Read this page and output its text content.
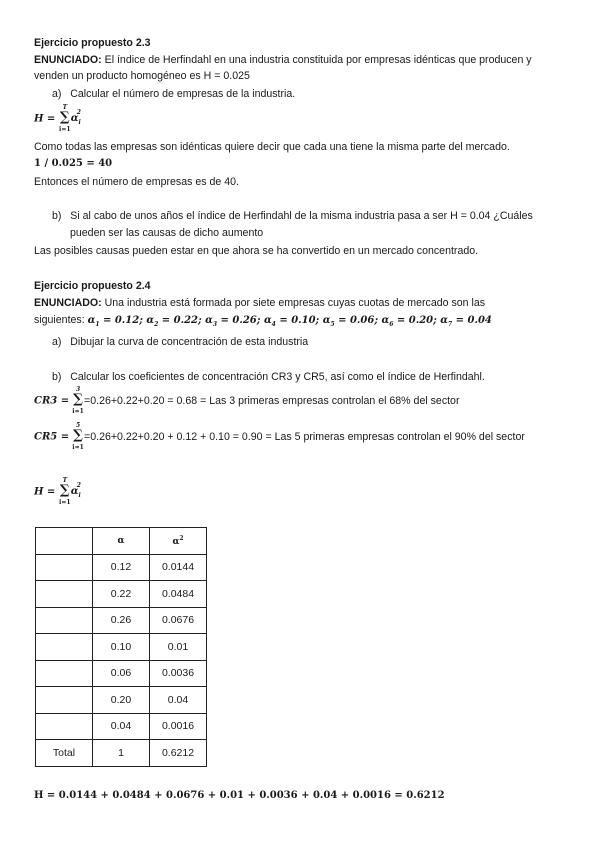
Ejercicio propuesto 2.3
ENUNCIADO: El índice de Herfindahl en una industria constituida por empresas idénticas que producen y
venden un producto homogéneo es H = 0.025
a) Calcular el número de empresas de la industria.
H =
T
∑
i=1
$\alpha_i^2$
Como todas las empresas son idénticas quiere decir que cada una tiene la misma parte del mercado.
1 / 0.025 = 40
Entonces el número de empresas es de 40.
b) Si al cabo de unos años el índice de Herfindahl de la misma industria pasa a ser H = 0.04 ¿Cuáles
pueden ser las causas de dicho aumento
Las posibles causas pueden estar en que ahora se ha convertido en un mercado concentrado.
Ejercicio propuesto 2.4
ENUNCIADO: Una industria está formada por siete empresas cuyas cuotas de mercado son las
siguientes: $\alpha_1 = 0.12$; $\alpha_2 = 0.22$; $\alpha_3 = 0.26$; $\alpha_4 = 0.10$; $\alpha_5 = 0.06$; $\alpha_6 = 0.20$; $\alpha_7 = 0.04$
a) Dibujar la curva de concentración de esta industria
b) Calcular los coeficientes de concentración CR3 y CR5, así como el índice de Herfindahl.
CR3 =
3
∑
i=1
=0.26+0.22+0.20 = 0.68 = Las 3 primeras empresas controlan el 68% del sector
CR5 =
5
∑
i=1
=0.26+0.22+0.20 + 0.12 + 0.10 = 0.90 = Las 5 primeras empresas controlan el 90% del sector
H =
T
∑
i=1
$\alpha_i^2$
	α	$\alpha^2$
	0.12	0.0144
	0.22	0.0484
	0.26	0.0676
	0.10	0.01
	0.06	0.0036
	0.20	0.04
	0.04	0.0016
Total	1	0.6212
H = 0.0144 + 0.0484 + 0.0676 + 0.01 + 0.0036 + 0.04 + 0.0016 = 0.6212
